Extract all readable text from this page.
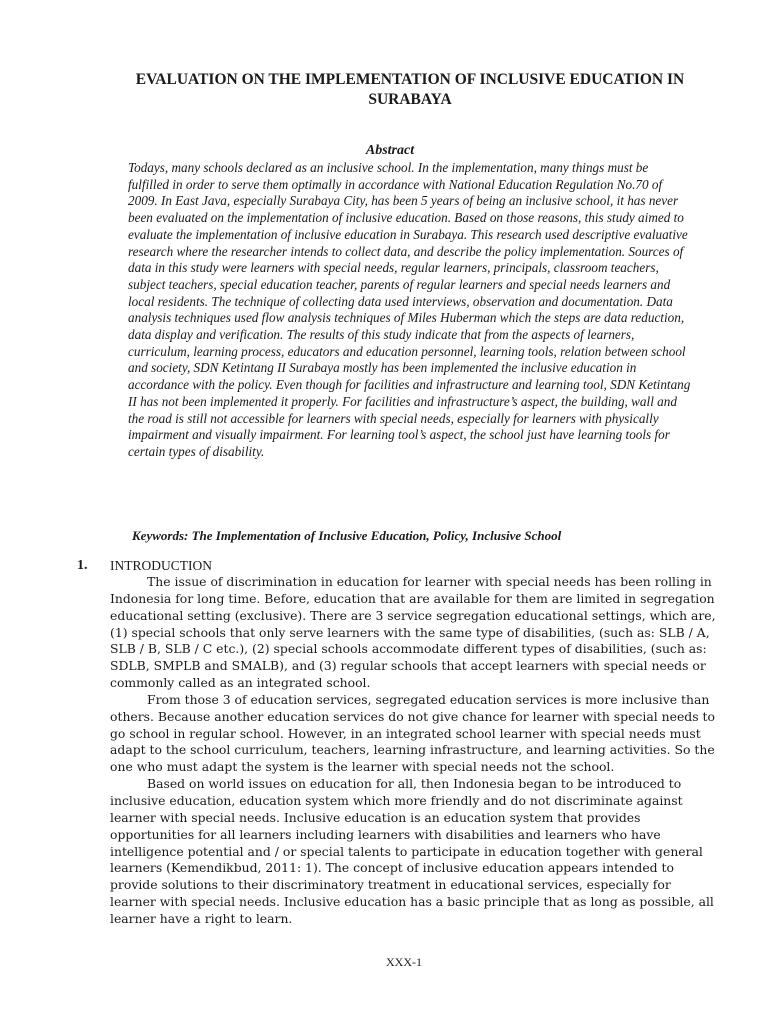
EVALUATION ON THE IMPLEMENTATION OF INCLUSIVE EDUCATION IN SURABAYA
Abstract
Todays, many schools declared as an inclusive school. In the implementation, many things must be fulfilled in order to serve them optimally in accordance with National Education Regulation No.70 of 2009. In East Java, especially Surabaya City, has been 5 years of being an inclusive school, it has never been evaluated on the implementation of inclusive education. Based on those reasons, this study aimed to evaluate the implementation of inclusive education in Surabaya. This research used descriptive evaluative research where the researcher intends to collect data, and describe the policy implementation. Sources of data in this study were learners with special needs, regular learners, principals, classroom teachers, subject teachers, special education teacher, parents of regular learners and special needs learners and local residents. The technique of collecting data used interviews, observation and documentation. Data analysis techniques used flow analysis techniques of Miles Huberman which the steps are data reduction, data display and verification. The results of this study indicate that from the aspects of learners, curriculum, learning process, educators and education personnel, learning tools, relation between school and society, SDN Ketintang II Surabaya mostly has been implemented the inclusive education in accordance with the policy. Even though for facilities and infrastructure and learning tool, SDN Ketintang II has not been implemented it properly. For facilities and infrastructure’s aspect, the building, wall and the road is still not accessible for learners with special needs, especially for learners with physically impairment and visually impairment. For learning tool’s aspect, the school just have learning tools for certain types of disability.
Keywords: The Implementation of Inclusive Education, Policy, Inclusive School
1. INTRODUCTION

The issue of discrimination in education for learner with special needs has been rolling in Indonesia for long time. Before, education that are available for them are limited in segregation educational setting (exclusive). There are 3 service segregation educational settings, which are, (1) special schools that only serve learners with the same type of disabilities, (such as: SLB / A, SLB / B, SLB / C etc.), (2) special schools accommodate different types of disabilities, (such as: SDLB, SMPLB and SMALB), and (3) regular schools that accept learners with special needs or commonly called as an integrated school.

From those 3 of education services, segregated education services is more inclusive than others. Because another education services do not give chance for learner with special needs to go school in regular school. However, in an integrated school learner with special needs must adapt to the school curriculum, teachers, learning infrastructure, and learning activities. So the one who must adapt the system is the learner with special needs not the school.

Based on world issues on education for all, then Indonesia began to be introduced to inclusive education, education system which more friendly and do not discriminate against learner with special needs. Inclusive education is an education system that provides opportunities for all learners including learners with disabilities and learners who have intelligence potential and / or special talents to participate in education together with general learners (Kemendikbud, 2011: 1). The concept of inclusive education appears intended to provide solutions to their discriminatory treatment in educational services, especially for learner with special needs. Inclusive education has a basic principle that as long as possible, all learner have a right to learn.

XXX-1
